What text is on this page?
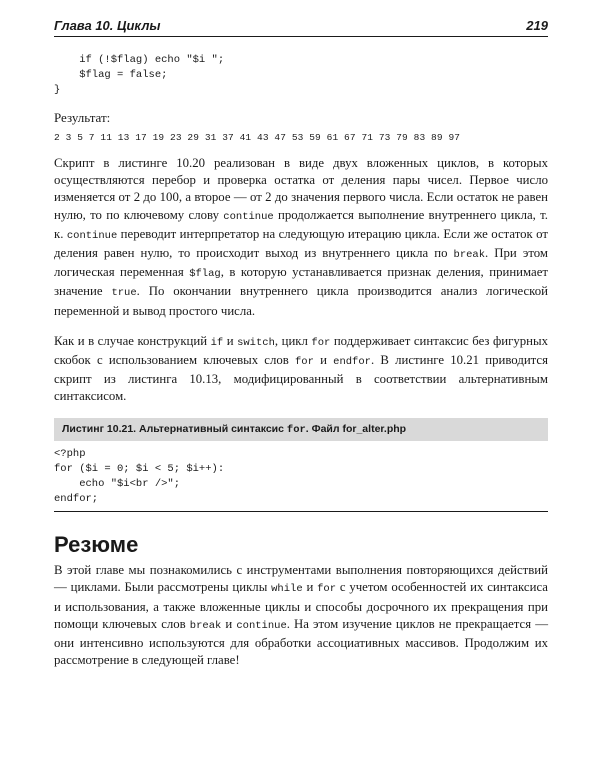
Глава 10. Циклы	219
if (!$flag) echo "$i ";
$flag = false;
}
Результат:
2 3 5 7 11 13 17 19 23 29 31 37 41 43 47 53 59 61 67 71 73 79 83 89 97

Скрипт в листинге 10.20 реализован в виде двух вложенных циклов, в которых осуществляются перебор и проверка остатка от деления пары чисел. Первое число изменяется от 2 до 100, а второе — от 2 до значения первого числа. Если остаток не равен нулю, то по ключевому слову continue продолжается выполнение внутреннего цикла, т. к. continue переводит интерпретатор на следующую итерацию цикла. Если же остаток от деления равен нулю, то происходит выход из внутреннего цикла по break. При этом логическая переменная $flag, в которую устанавливается признак деления, принимает значение true. По окончании внутреннего цикла производится анализ логической переменной и вывод простого числа.

Как и в случае конструкций if и switch, цикл for поддерживает синтаксис без фигурных скобок с использованием ключевых слов for и endfor. В листинге 10.21 приводится скрипт из листинга 10.13, модифицированный в соответствии альтернативным синтаксисом.

Листинг 10.21. Альтернативный синтаксис for. Файл for_alter.php
<?php
for ($i = 0; $i < 5; $i++):
echo "$i<br />";
endfor;
Резюме

В этой главе мы познакомились с инструментами выполнения повторяющихся действий — циклами. Были рассмотрены циклы while и for с учетом особенностей их синтаксиса и использования, а также вложенные циклы и способы досрочного их прекращения при помощи ключевых слов break и continue. На этом изучение циклов не прекращается — они интенсивно используются для обработки ассоциативных массивов. Продолжим их рассмотрение в следующей главе!
